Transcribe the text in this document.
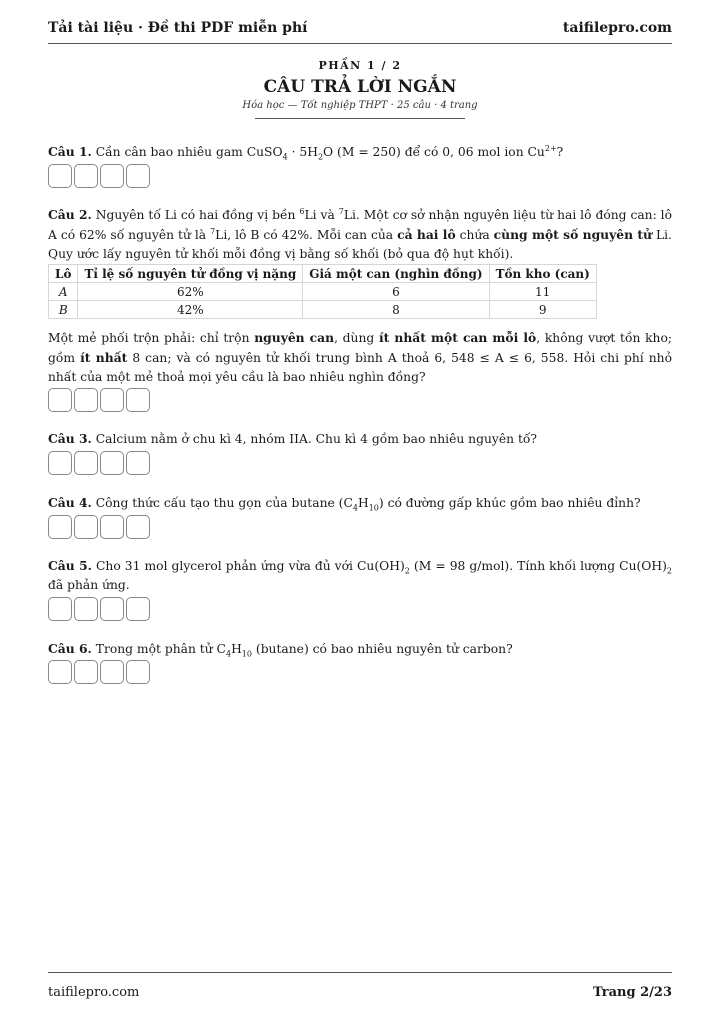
Tải tài liệu · Đề thi PDF miễn phí	taifilepro.com
PHẦN 1 / 2
CÂU TRẢ LỜI NGẮN
Hóa học — Tốt nghiệp THPT · 25 câu · 4 trang
Câu 1. Cần cân bao nhiêu gam CuSO$_4$ · $5H_2O$ (M = 250) để có 0, 06 mol ion $Cu^{2+}$?
Câu 2. Nguyên tố Li có hai đồng vị bền $^6$Li và $^7$Li. Một cơ sở nhận nguyên liệu từ hai lô đóng can: lô A có 62% số nguyên tử là $^7$Li, lô B có 42%. Mỗi can của cả hai lô chứa cùng một số nguyên tử Li. Quy ước lấy nguyên tử khối mỗi đồng vị bằng số khối (bỏ qua độ hụt khối).
Lô	Tỉ lệ số nguyên tử đồng vị nặng	Giá một can (nghìn đồng)	Tồn kho (can)
A	62%	6	11
B	42%	8	9
Một mẻ phối trộn phải: chỉ trộn nguyên can, dùng ít nhất một can mỗi lô, không vượt tồn kho; gồm ít nhất 8 can; và có nguyên tử khối trung bình A thoả 6, 548 ≤ A ≤ 6, 558. Hỏi chi phí nhỏ nhất của một mẻ thoả mọi yêu cầu là bao nhiêu nghìn đồng?
Câu 3. Calcium nằm ở chu kì 4, nhóm IIA. Chu kì 4 gồm bao nhiêu nguyên tố?
Câu 4. Công thức cấu tạo thu gọn của butane $(C_4H_{10})$ có đường gấp khúc gồm bao nhiêu đỉnh?
Câu 5. Cho 31 mol glycerol phản ứng vừa đủ với $Cu(OH)_2$ (M = 98 g/mol). Tính khối lượng $Cu(OH)_2$ đã phản ứng.
Câu 6. Trong một phân tử $C_4H_{10}$ (butane) có bao nhiêu nguyên tử carbon?
taifilepro.com	Trang 2/23
